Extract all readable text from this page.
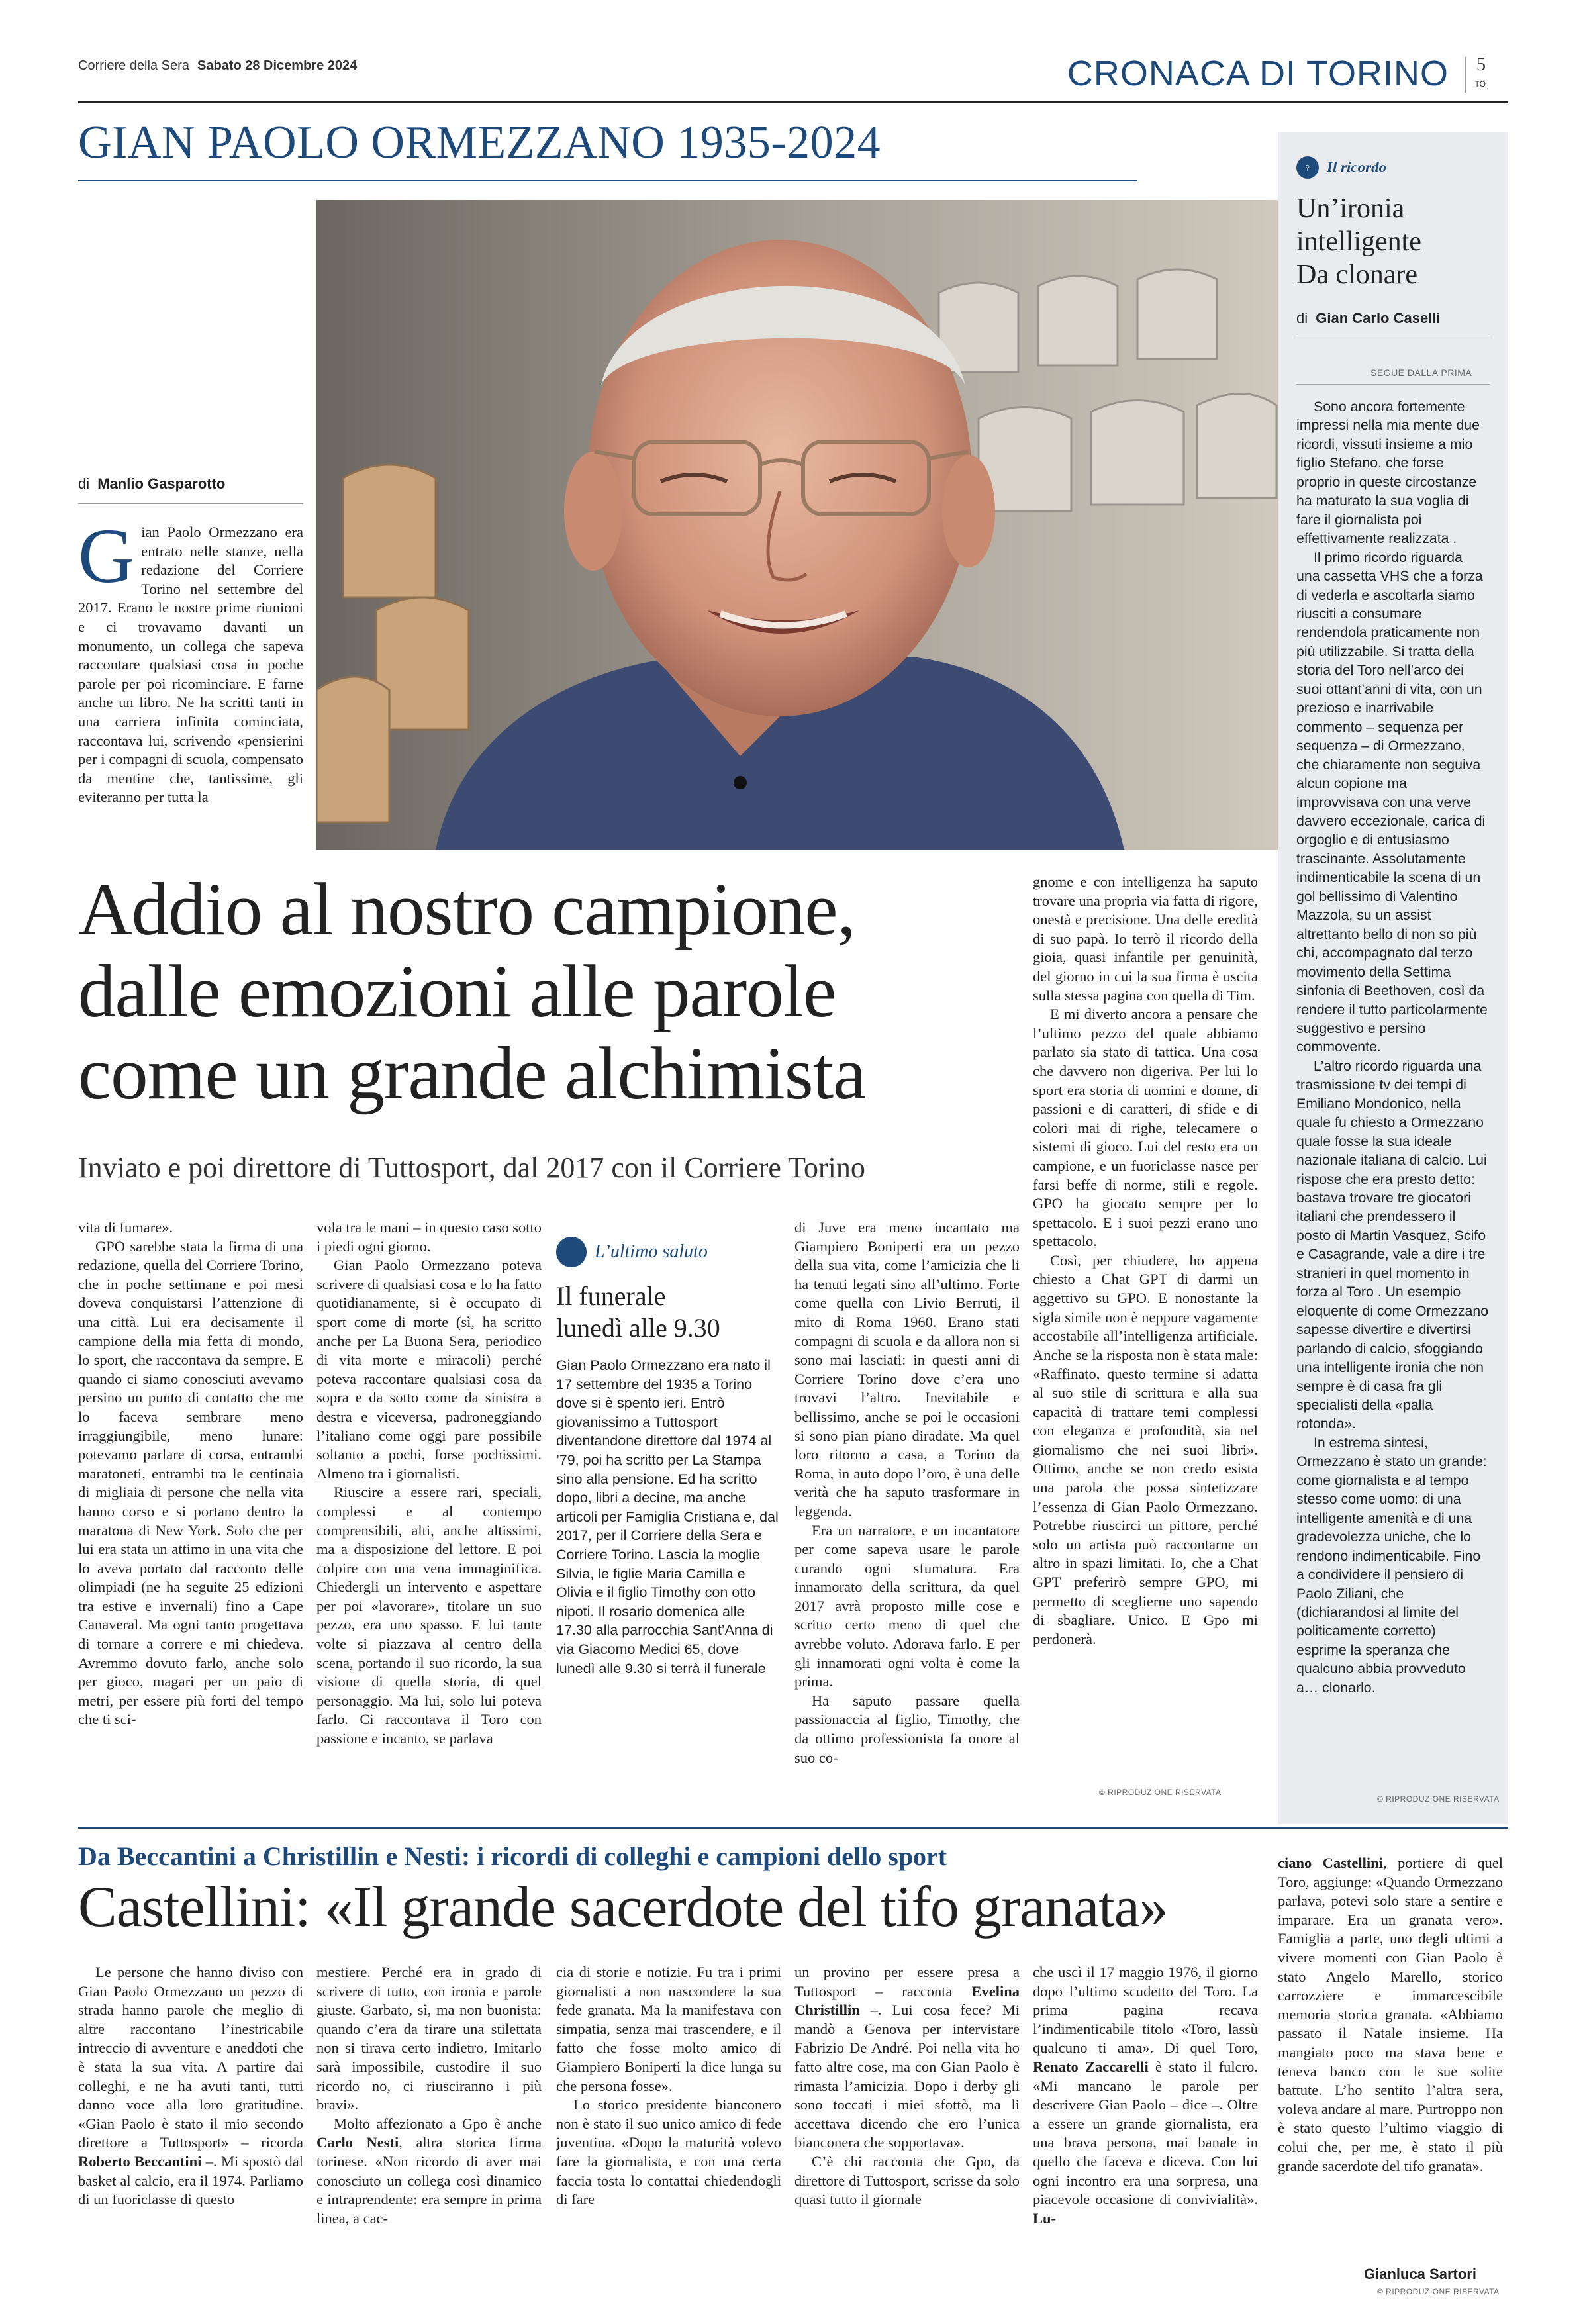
Corriere della Sera Sabato 28 Dicembre 2024	CRONACA DI TORINO 5
TO
GIAN PAOLO ORMEZZANO 1935-2024
di Manlio Gasparotto
Gian Paolo Ormezzano era entrato nelle stanze, nella redazione del Corriere Torino nel settembre del 2017. Erano le nostre prime riunioni e ci trovavamo davanti un monumento, un collega che sapeva raccontare qualsiasi cosa in poche parole per poi ricominciare. E farne anche un libro. Ne ha scritti tanti in una carriera infinita cominciata, raccontava lui, scrivendo «pensierini per i compagni di scuola, compensato da mentine che, tantissime, gli eviteranno per tutta la
Addio al nostro campione,
dalle emozioni alle parole
come un grande alchimista
Inviato e poi direttore di Tuttosport, dal 2017 con il Corriere Torino

vita di fumare».

GPO sarebbe stata la firma di una redazione, quella del Corriere Torino, che in poche settimane e poi mesi doveva conquistarsi l’attenzione di una città. Lui era decisamente il campione della mia fetta di mondo, lo sport, che raccontava da sempre. E quando ci siamo conosciuti avevamo persino un punto di contatto che me lo faceva sembrare meno irraggiungibile, meno lunare: potevamo parlare di corsa, entrambi maratoneti, entrambi tra le centinaia di migliaia di persone che nella vita hanno corso e si portano dentro la maratona di New York. Solo che per lui era stata un attimo in una vita che lo aveva portato dal racconto delle olimpiadi (ne ha seguite 25 edizioni tra estive e invernali) fino a Cape Canaveral. Ma ogni tanto progettava di tornare a correre e mi chiedeva. Avremmo dovuto farlo, anche solo per gioco, magari per un paio di metri, per essere più forti del tempo che ti sci-

vola tra le mani – in questo caso sotto i piedi ogni giorno.

Gian Paolo Ormezzano poteva scrivere di qualsiasi cosa e lo ha fatto quotidianamente, si è occupato di sport come di morte (sì, ha scritto anche per La Buona Sera, periodico di vita morte e miracoli) perché poteva raccontare qualsiasi cosa da sopra e da sotto come da sinistra a destra e viceversa, padroneggiando l’italiano come oggi pare possibile soltanto a pochi, forse pochissimi. Almeno tra i giornalisti.

Riuscire a essere rari, speciali, complessi e al contempo comprensibili, alti, anche altissimi, ma a disposizione del lettore. E poi colpire con una vena immaginifica. Chiedergli un intervento e aspettare per poi «lavorare», titolare un suo pezzo, era uno spasso. E lui tante volte si piazzava al centro della scena, portando il suo ricordo, la sua visione di quella storia, di quel personaggio. Ma lui, solo lui poteva farlo. Ci raccontava il Toro con passione e incanto, se parlava

L’ultimo saluto
Il funerale
lunedì alle 9.30
Gian Paolo Ormezzano era nato il 17 settembre del 1935 a Torino dove si è spento ieri. Entrò giovanissimo a Tuttosport diventandone direttore dal 1974 al ’79, poi ha scritto per La Stampa sino alla pensione. Ed ha scritto dopo, libri a decine, ma anche articoli per Famiglia Cristiana e, dal 2017, per il Corriere della Sera e Corriere Torino. Lascia la moglie Silvia, le figlie Maria Camilla e Olivia e il figlio Timothy con otto nipoti. Il rosario domenica alle 17.30 alla parrocchia Sant’Anna di via Giacomo Medici 65, dove lunedì alle 9.30 si terrà il funerale

di Juve era meno incantato ma Giampiero Boniperti era un pezzo della sua vita, come l’amicizia che li ha tenuti legati sino all’ultimo. Forte come quella con Livio Berruti, il mito di Roma 1960. Erano stati compagni di scuola e da allora non si sono mai lasciati: in questi anni di Corriere Torino dove c’era uno trovavi l’altro. Inevitabile e bellissimo, anche se poi le occasioni si sono pian piano diradate. Ma quel loro ritorno a casa, a Torino da Roma, in auto dopo l’oro, è una delle verità che ha saputo trasformare in leggenda.

Era un narratore, e un incantatore per come sapeva usare le parole curando ogni sfumatura. Era innamorato della scrittura, da quel 2017 avrà proposto mille cose e scritto certo meno di quel che avrebbe voluto. Adorava farlo. E per gli innamorati ogni volta è come la prima.

Ha saputo passare quella passionaccia al figlio, Timothy, che da ottimo professionista fa onore al suo co-

gnome e con intelligenza ha saputo trovare una propria via fatta di rigore, onestà e precisione. Una delle eredità di suo papà. Io terrò il ricordo della gioia, quasi infantile per genuinità, del giorno in cui la sua firma è uscita sulla stessa pagina con quella di Tim.

E mi diverto ancora a pensare che l’ultimo pezzo del quale abbiamo parlato sia stato di tattica. Una cosa che davvero non digeriva. Per lui lo sport era storia di uomini e donne, di passioni e di caratteri, di sfide e di colori mai di righe, telecamere o sistemi di gioco. Lui del resto era un campione, e un fuoriclasse nasce per farsi beffe di norme, stili e regole. GPO ha giocato sempre per lo spettacolo. E i suoi pezzi erano uno spettacolo.

Così, per chiudere, ho appena chiesto a Chat GPT di darmi un aggettivo su GPO. E nonostante la sigla simile non è neppure vagamente accostabile all’intelligenza artificiale. Anche se la risposta non è stata male: «Raffinato, questo termine si adatta al suo stile di scrittura e alla sua capacità di trattare temi complessi con eleganza e profondità, sia nel giornalismo che nei suoi libri». Ottimo, anche se non credo esista una parola che possa sintetizzare l’essenza di Gian Paolo Ormezzano. Potrebbe riuscirci un pittore, perché solo un artista può raccontarne un altro in spazi limitati. Io, che a Chat GPT preferirò sempre GPO, mi permetto di sceglierne uno sapendo di sbagliare. Unico. E Gpo mi perdonerà.

© RIPRODUZIONE RISERVATA
♀ Il ricordo
Un’ironia
intelligente
Da clonare
di Gian Carlo Caselli
SEGUE DALLA PRIMA

Sono ancora fortemente impressi nella mia mente due ricordi, vissuti insieme a mio figlio Stefano, che forse proprio in queste circostanze ha maturato la sua voglia di fare il giornalista poi effettivamente realizzata .

Il primo ricordo riguarda una cassetta VHS che a forza di vederla e ascoltarla siamo riusciti a consumare rendendola praticamente non più utilizzabile. Si tratta della storia del Toro nell’arco dei suoi ottant’anni di vita, con un prezioso e inarrivabile commento – sequenza per sequenza – di Ormezzano, che chiaramente non seguiva alcun copione ma improvvisava con una verve davvero eccezionale, carica di orgoglio e di entusiasmo trascinante. Assolutamente indimenticabile la scena di un gol bellissimo di Valentino Mazzola, su un assist altrettanto bello di non so più chi, accompagnato dal terzo movimento della Settima sinfonia di Beethoven, così da rendere il tutto particolarmente suggestivo e persino commovente.

L’altro ricordo riguarda una trasmissione tv dei tempi di Emiliano Mondonico, nella quale fu chiesto a Ormezzano quale fosse la sua ideale nazionale italiana di calcio. Lui rispose che era presto detto: bastava trovare tre giocatori italiani che prendessero il posto di Martin Vasquez, Scifo e Casagrande, vale a dire i tre stranieri in quel momento in forza al Toro . Un esempio eloquente di come Ormezzano sapesse divertire e divertirsi parlando di calcio, sfoggiando una intelligente ironia che non sempre è di casa fra gli specialisti della «palla rotonda».

In estrema sintesi, Ormezzano è stato un grande: come giornalista e al tempo stesso come uomo: di una intelligente amenità e di una gradevolezza uniche, che lo rendono indimenticabile. Fino a condividere il pensiero di Paolo Ziliani, che (dichiarandosi al limite del politicamente corretto) esprime la speranza che qualcuno abbia provveduto a… clonarlo.

© RIPRODUZIONE RISERVATA
Da Beccantini a Christillin e Nesti: i ricordi di colleghi e campioni dello sport
Castellini: «Il grande sacerdote del tifo granata»

Le persone che hanno diviso con Gian Paolo Ormezzano un pezzo di strada hanno parole che meglio di altre raccontano l’inestricabile intreccio di avventure e aneddoti che è stata la sua vita. A partire dai colleghi, e ne ha avuti tanti, tutti danno voce alla loro gratitudine. «Gian Paolo è stato il mio secondo direttore a Tuttosport» – ricorda Roberto Beccantini –. Mi spostò dal basket al calcio, era il 1974. Parliamo di un fuoriclasse di questo

mestiere. Perché era in grado di scrivere di tutto, con ironia e parole giuste. Garbato, sì, ma non buonista: quando c’era da tirare una stilettata non si tirava certo indietro. Imitarlo sarà impossibile, custodire il suo ricordo no, ci riusciranno i più bravi».

Molto affezionato a Gpo è anche Carlo Nesti, altra storica firma torinese. «Non ricordo di aver mai conosciuto un collega così dinamico e intraprendente: era sempre in prima linea, a cac-

cia di storie e notizie. Fu tra i primi giornalisti a non nascondere la sua fede granata. Ma la manifestava con simpatia, senza mai trascendere, e il fatto che fosse molto amico di Giampiero Boniperti la dice lunga su che persona fosse».

Lo storico presidente bianconero non è stato il suo unico amico di fede juventina. «Dopo la maturità volevo fare la giornalista, e con una certa faccia tosta lo contattai chiedendogli di fare

un provino per essere presa a Tuttosport – racconta Evelina Christillin –. Lui cosa fece? Mi mandò a Genova per intervistare Fabrizio De André. Poi nella vita ho fatto altre cose, ma con Gian Paolo è rimasta l’amicizia. Dopo i derby gli sono toccati i miei sfottò, ma li accettava dicendo che ero l’unica bianconera che sopportava».

C’è chi racconta che Gpo, da direttore di Tuttosport, scrisse da solo quasi tutto il giornale

che uscì il 17 maggio 1976, il giorno dopo l’ultimo scudetto del Toro. La prima pagina recava l’indimenticabile titolo «Toro, lassù qualcuno ti ama». Di quel Toro, Renato Zaccarelli è stato il fulcro. «Mi mancano le parole per descrivere Gian Paolo – dice –. Oltre a essere un grande giornalista, era una brava persona, mai banale in quello che faceva e diceva. Con lui ogni incontro era una sorpresa, una piacevole occasione di convivialità». Lu-

ciano Castellini, portiere di quel Toro, aggiunge: «Quando Ormezzano parlava, potevi solo stare a sentire e imparare. Era un granata vero». Famiglia a parte, uno degli ultimi a vivere momenti con Gian Paolo è stato Angelo Marello, storico carrozziere e immarcescibile memoria storica granata. «Abbiamo passato il Natale insieme. Ha mangiato poco ma stava bene e teneva banco con le sue solite battute. L’ho sentito l’altra sera, voleva andare al mare. Purtroppo non è stato questo l’ultimo viaggio di colui che, per me, è stato il più grande sacerdote del tifo granata».

Gianluca Sartori
© RIPRODUZIONE RISERVATA
